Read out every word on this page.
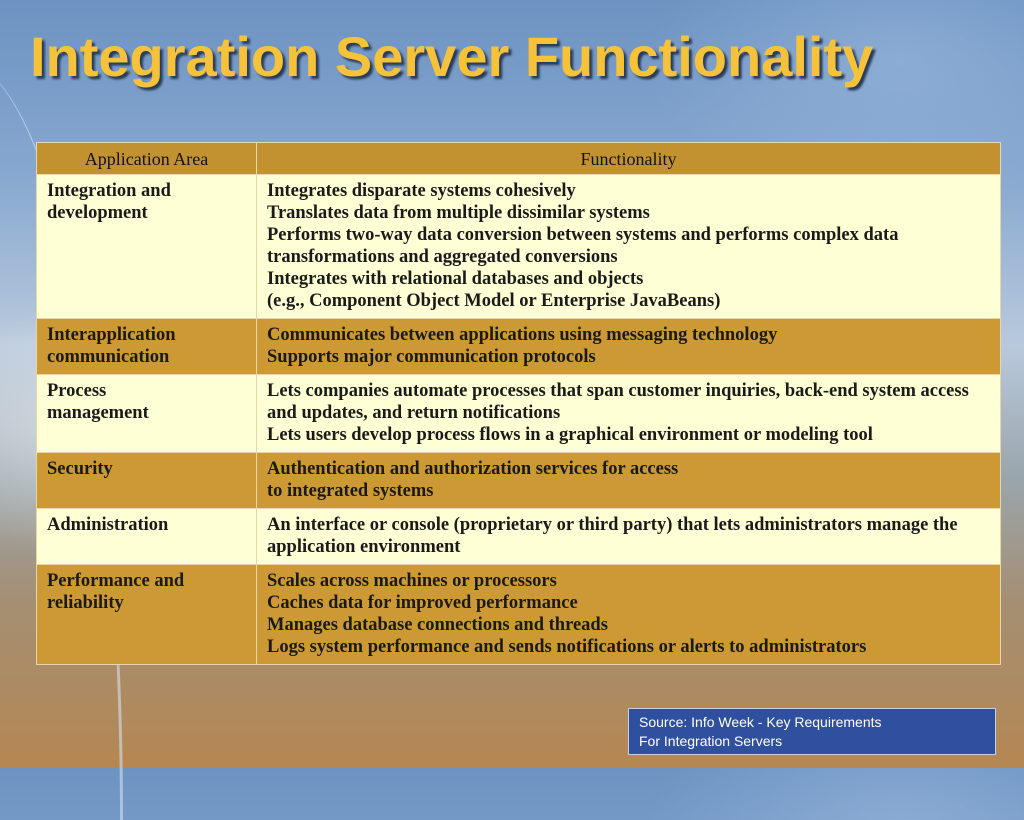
Integration Server Functionality
Application Area	Functionality

Integration and
development	Integrates disparate systems cohesively
Translates data from multiple dissimilar systems
Performs two-way data conversion between systems and performs complex data transformations and aggregated conversions
Integrates with relational databases and objects
(e.g., Component Object Model or Enterprise JavaBeans)

Interapplication
communication	Communicates between applications using messaging technology
Supports major communication protocols

Process
management	Lets companies automate processes that span customer inquiries, back-end system access and updates, and return notifications
Lets users develop process flows in a graphical environment or modeling tool

Security	Authentication and authorization services for access
to integrated systems

Administration	An interface or console (proprietary or third party) that lets administrators manage the application environment

Performance and
reliability	Scales across machines or processors
Caches data for improved performance
Manages database connections and threads
Logs system performance and sends notifications or alerts to administrators
Source: Info Week - Key Requirements
For Integration Servers
